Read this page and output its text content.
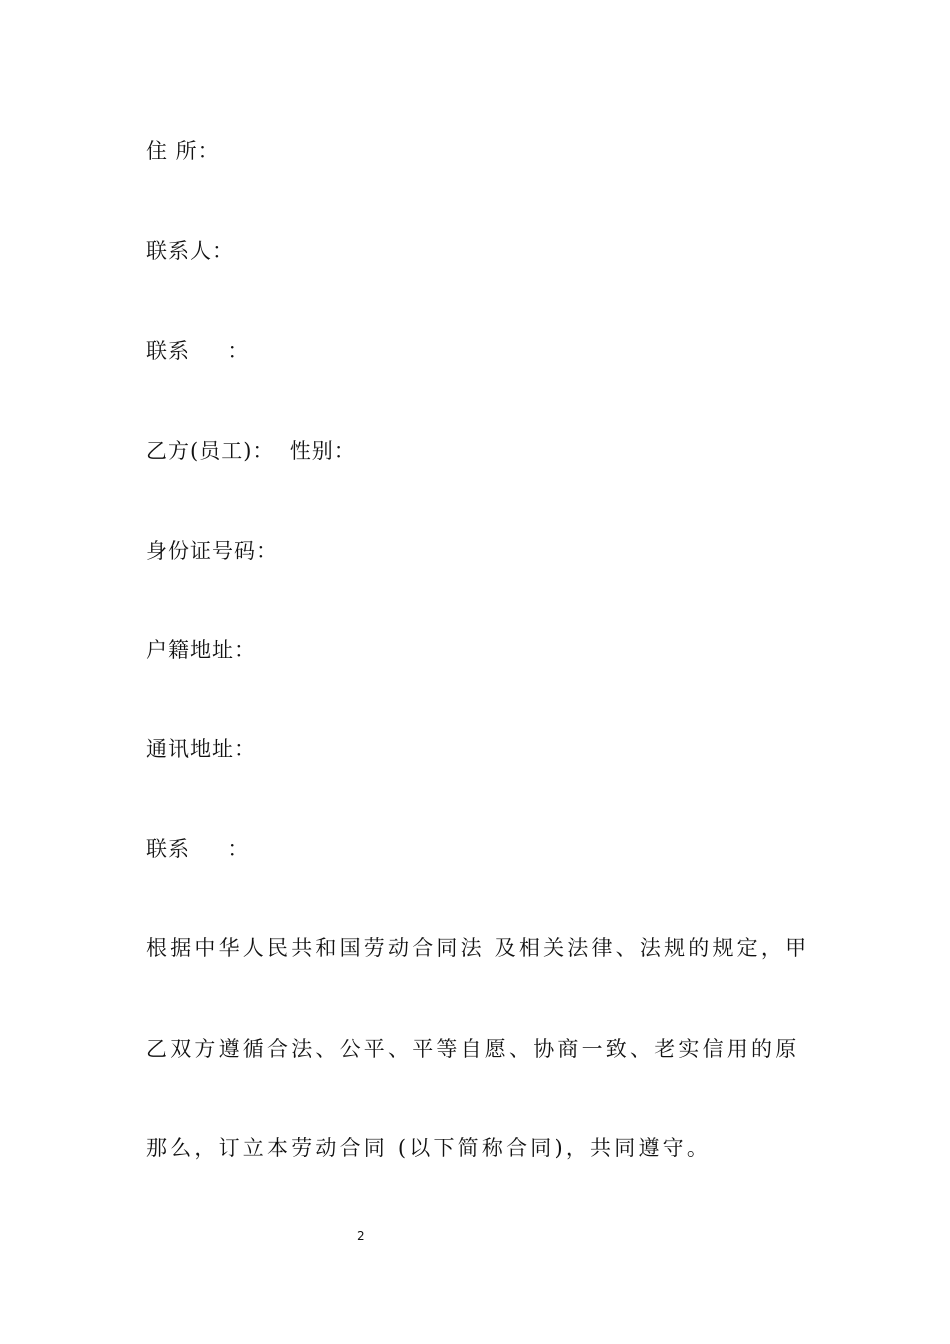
住 所：
联系人：
联系 　 ：
乙方(员工)：  性别：
身份证号码：
户籍地址：
通讯地址：
联系 　 ：
根据中华人民共和国劳动合同法 及相关法律、法规的规定，甲
乙双方遵循合法、公平、平等自愿、协商一致、老实信用的原
那么，订立本劳动合同 (以下简称合同)，共同遵守。
2
